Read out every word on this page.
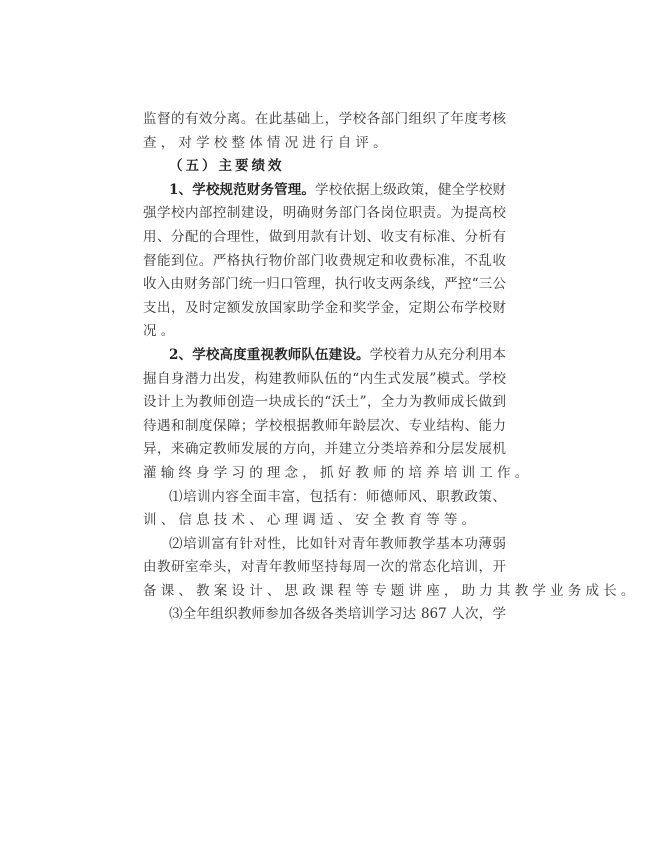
监督的有效分离。在此基础上，学校各部门组织了年度考核
查，对学校整体情况进行自评。
（五）主要绩效
1、学校规范财务管理。学校依据上级政策，健全学校财
强学校内部控制建设，明确财务部门各岗位职责。为提高校
用、分配的合理性，做到用款有计划、收支有标准、分析有
督能到位。严格执行物价部门收费规定和收费标准，不乱收
收入由财务部门统一归口管理，执行收支两条线，严控“三公
支出，及时定额发放国家助学金和奖学金，定期公布学校财
况。
2、学校高度重视教师队伍建设。学校着力从充分利用本
掘自身潜力出发，构建教师队伍的“内生式发展”模式。学校
设计上为教师创造一块成长的“沃土”，全力为教师成长做到
待遇和制度保障；学校根据教师年龄层次、专业结构、能力
异，来确定教师发展的方向，并建立分类培养和分层发展机
灌输终身学习的理念，抓好教师的培养培训工作。
⑴培训内容全面丰富，包括有：师德师风、职教政策、
训、信息技术、心理调适、安全教育等等。
⑵培训富有针对性，比如针对青年教师教学基本功薄弱
由教研室牵头，对青年教师坚持每周一次的常态化培训，开
备课、教案设计、思政课程等专题讲座，助力其教学业务成长。
⑶全年组织教师参加各级各类培训学习达 867 人次，学
